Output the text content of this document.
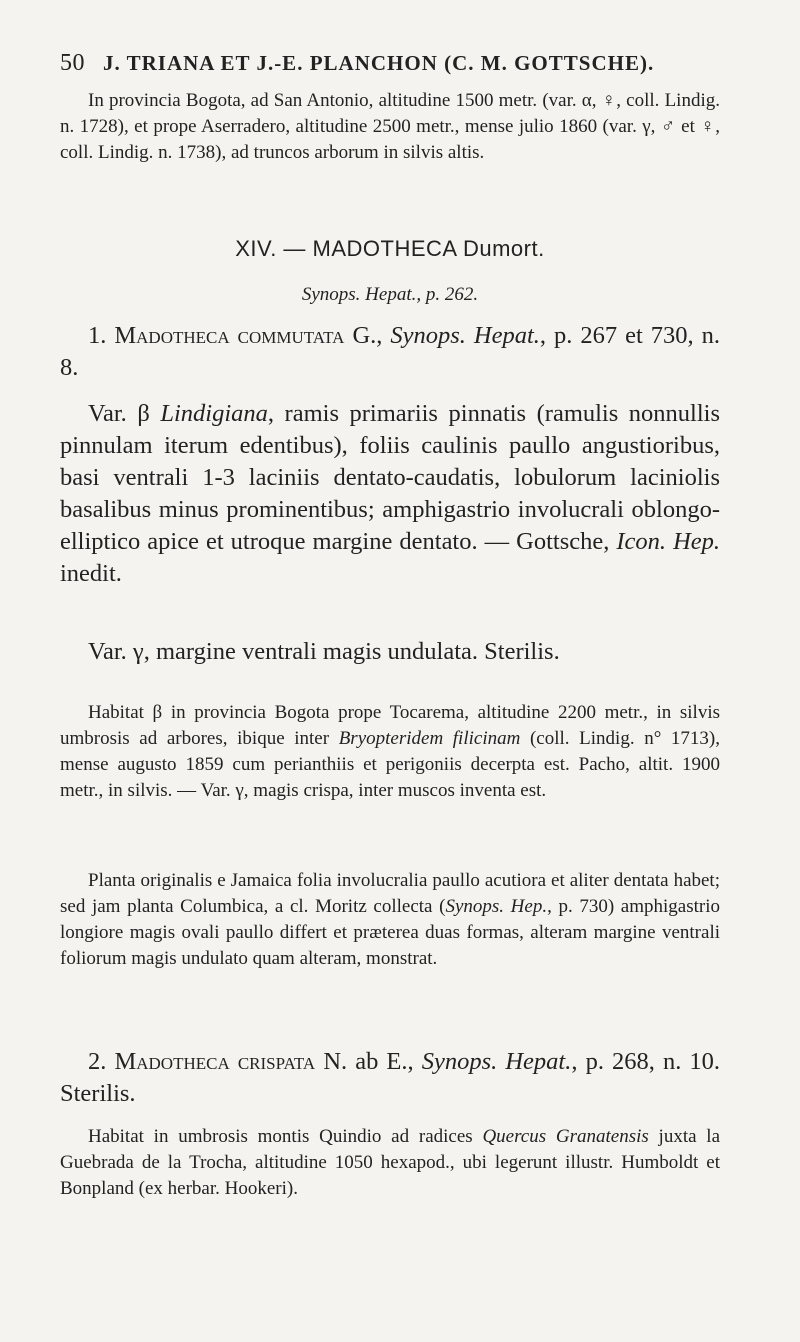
50 J. TRIANA ET J.-E. PLANCHON (C. M. GOTTSCHE).

In provincia Bogota, ad San Antonio, altitudine 1500 metr. (var. α, ♀, coll. Lindig. n. 1728), et prope Aserradero, altitudine 2500 metr., mense julio 1860 (var. γ, ♂ et ♀, coll. Lindig. n. 1738), ad truncos arborum in silvis altis.

XIV. — MADOTHECA Dumort.
Synops. Hepat., p. 262.

1. Madotheca commutata G., Synops. Hepat., p. 267 et 730, n. 8.

Var. β Lindigiana, ramis primariis pinnatis (ramulis nonnullis pinnulam iterum edentibus), foliis caulinis paullo angustioribus, basi ventrali 1-3 laciniis dentato-caudatis, lobulorum laciniolis basalibus minus prominentibus; amphigastrio involucrali oblongo-elliptico apice et utroque margine dentato. — Gottsche, Icon. Hep. inedit.

Var. γ, margine ventrali magis undulata. Sterilis.

Habitat β in provincia Bogota prope Tocarema, altitudine 2200 metr., in silvis umbrosis ad arbores, ibique inter Bryopteridem filicinam (coll. Lindig. n° 1713), mense augusto 1859 cum perianthiis et perigoniis decerpta est. Pacho, altit. 1900 metr., in silvis. — Var. γ, magis crispa, inter muscos inventa est.

Planta originalis e Jamaica folia involucralia paullo acutiora et aliter dentata habet; sed jam planta Columbica, a cl. Moritz collecta (Synops. Hep., p. 730) amphigastrio longiore magis ovali paullo differt et præterea duas formas, alteram margine ventrali foliorum magis undulato quam alteram, monstrat.

2. Madotheca crispata N. ab E., Synops. Hepat., p. 268, n. 10. Sterilis.

Habitat in umbrosis montis Quindio ad radices Quercus Granatensis juxta la Guebrada de la Trocha, altitudine 1050 hexapod., ubi legerunt illustr. Humboldt et Bonpland (ex herbar. Hookeri).
